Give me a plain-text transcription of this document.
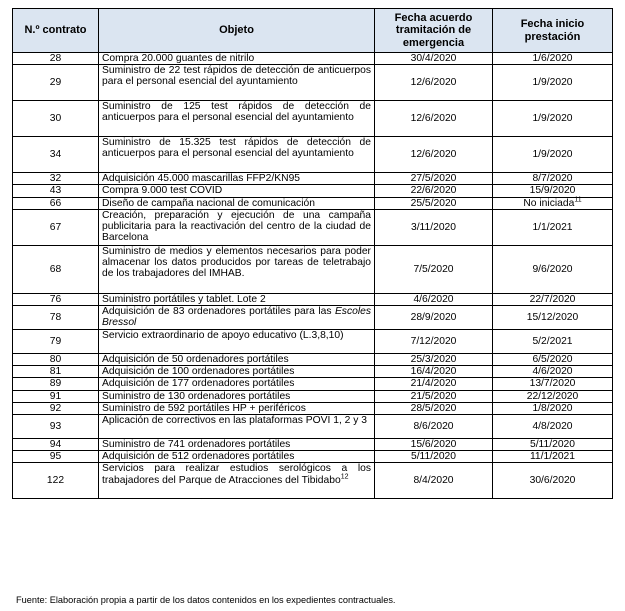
N.º contrato	Objeto	Fecha acuerdo tramitación de emergencia	Fecha inicio prestación
28	Compra 20.000 guantes de nitrilo	30/4/2020	1/6/2020
29	Suministro de 22 test rápidos de detección de anticuerpos para el personal esencial del ayuntamiento	12/6/2020	1/9/2020
30	Suministro de 125 test rápidos de detección de anticuerpos para el personal esencial del ayuntamiento	12/6/2020	1/9/2020
34	Suministro de 15.325 test rápidos de detección de anticuerpos para el personal esencial del ayuntamiento	12/6/2020	1/9/2020
32	Adquisición 45.000 mascarillas FFP2/KN95	27/5/2020	8/7/2020
43	Compra 9.000 test COVID	22/6/2020	15/9/2020
66	Diseño de campaña nacional de comunicación	25/5/2020	No iniciada$^{11}$
67	Creación, preparación y ejecución de una campaña publicitaria para la reactivación del centro de la ciudad de Barcelona	3/11/2020	1/1/2021
68	Suministro de medios y elementos necesarios para poder almacenar los datos producidos por tareas de teletrabajo de los trabajadores del IMHAB.	7/5/2020	9/6/2020
76	Suministro portátiles y tablet. Lote 2	4/6/2020	22/7/2020
78	Adquisición de 83 ordenadores portátiles para las Escoles Bressol	28/9/2020	15/12/2020
79	Servicio extraordinario de apoyo educativo (L.3,8,10)	7/12/2020	5/2/2021
80	Adquisición de 50 ordenadores portátiles	25/3/2020	6/5/2020
81	Adquisición de 100 ordenadores portátiles	16/4/2020	4/6/2020
89	Adquisición de 177 ordenadores portátiles	21/4/2020	13/7/2020
91	Suministro de 130 ordenadores portátiles	21/5/2020	22/12/2020
92	Suministro de 592 portátiles HP + periféricos	28/5/2020	1/8/2020
93	Aplicación de correctivos en las plataformas POVI 1, 2 y 3	8/6/2020	4/8/2020
94	Suministro de 741 ordenadores portátiles	15/6/2020	5/11/2020
95	Adquisición de 512 ordenadores portátiles	5/11/2020	11/1/2021
122	Servicios para realizar estudios serológicos a los trabajadores del Parque de Atracciones del Tibidabo$^{12}$	8/4/2020	30/6/2020
Fuente: Elaboración propia a partir de los datos contenidos en los expedientes contractuales.
